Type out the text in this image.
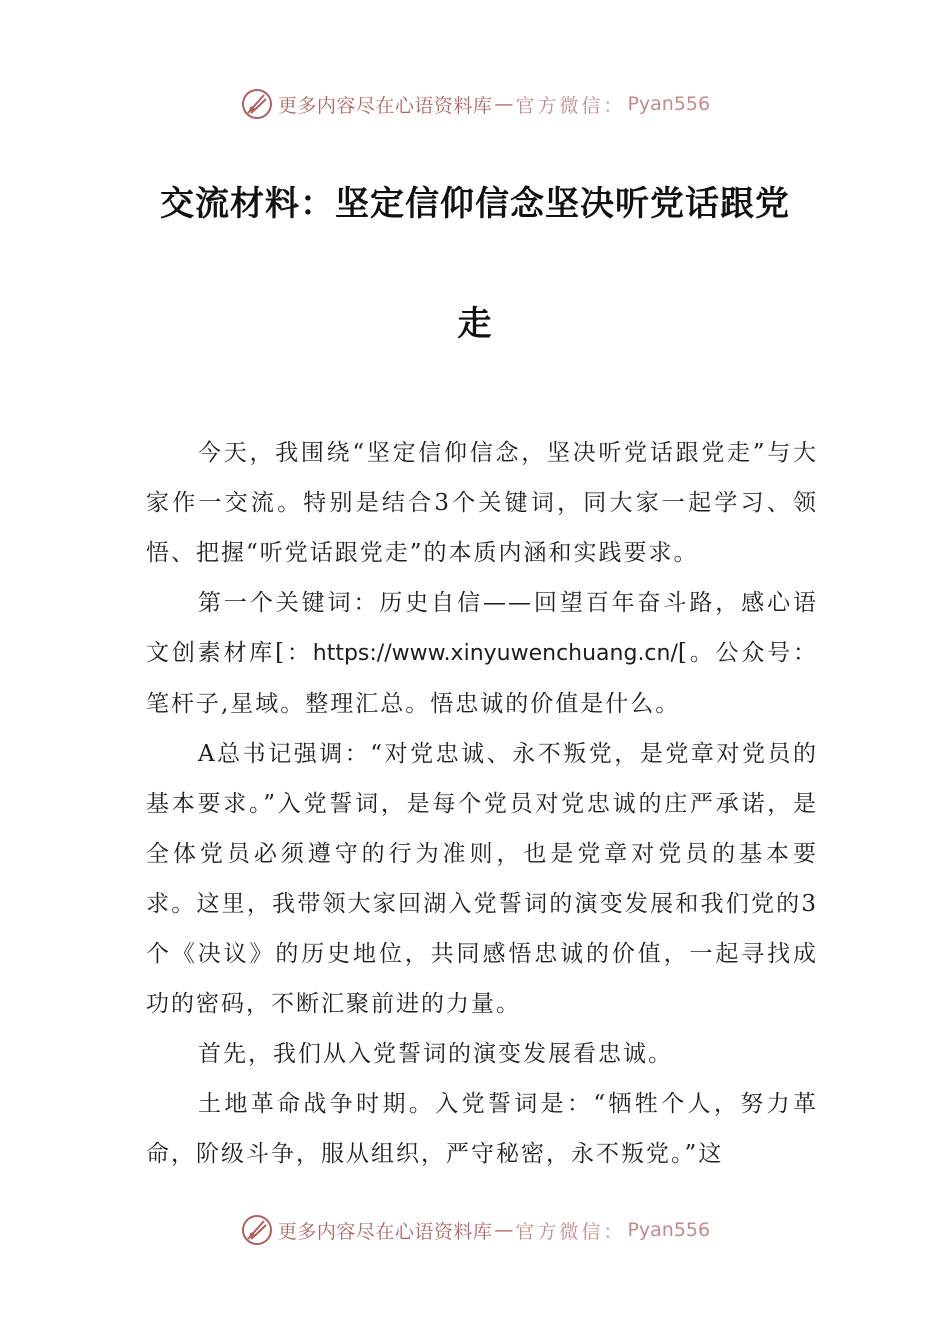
更多内容尽在心语资料库 — 官方微信： Pyan556
交流材料：坚定信仰信念坚决听党话跟党
走

今天，我围绕“坚定信仰信念，坚决听党话跟党走”与大家作一交流。特别是结合3个关键词，同大家一起学习、领悟、把握“听党话跟党走”的本质内涵和实践要求。

第一个关键词：历史自信——回望百年奋斗路，感心语文创素材库[：https://www.xinyuwenchuang.cn/[。公众号：笔杆子,星域。整理汇总。悟忠诚的价值是什么。

A总书记强调：“对党忠诚、永不叛党，是党章对党员的基本要求。”入党誓词，是每个党员对党忠诚的庄严承诺，是全体党员必须遵守的行为准则，也是党章对党员的基本要求。这里，我带领大家回湖入党誓词的演变发展和我们党的3个《决议》的历史地位，共同感悟忠诚的价值，一起寻找成功的密码，不断汇聚前进的力量。

首先，我们从入党誓词的演变发展看忠诚。

土地革命战争时期。入党誓词是：“牺牲个人，努力革命，阶级斗争，服从组织，严守秘密，永不叛党。”这

更多内容尽在心语资料库 — 官方微信： Pyan556
